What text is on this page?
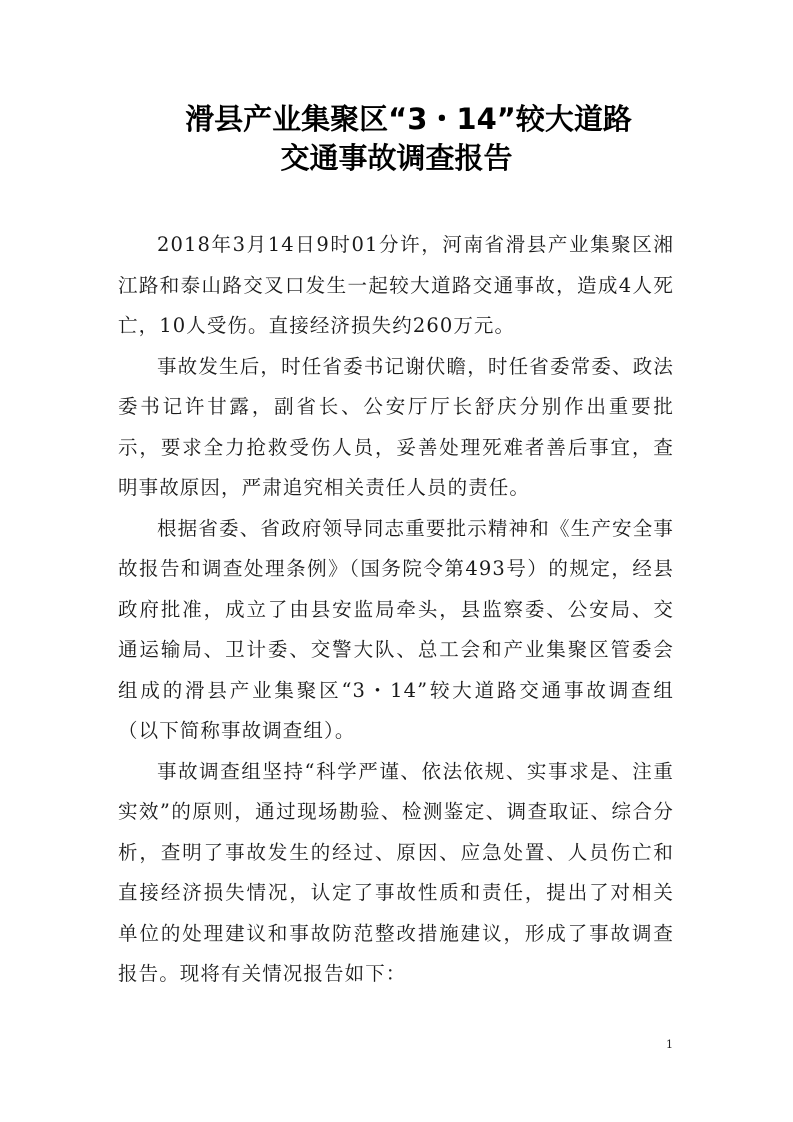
滑县产业集聚区“3・14”较大道路
交通事故调查报告

2018年3月14日9时01分许，河南省滑县产业集聚区湘江路和泰山路交叉口发生一起较大道路交通事故，造成4人死亡，10人受伤。直接经济损失约260万元。

事故发生后，时任省委书记谢伏瞻，时任省委常委、政法委书记许甘露，副省长、公安厅厅长舒庆分别作出重要批示，要求全力抢救受伤人员，妥善处理死难者善后事宜，查明事故原因，严肃追究相关责任人员的责任。

根据省委、省政府领导同志重要批示精神和《生产安全事故报告和调查处理条例》（国务院令第493号）的规定，经县政府批准，成立了由县安监局牵头，县监察委、公安局、交通运输局、卫计委、交警大队、总工会和产业集聚区管委会组成的滑县产业集聚区“3・14”较大道路交通事故调查组（以下简称事故调查组）。

事故调查组坚持“科学严谨、依法依规、实事求是、注重实效”的原则，通过现场勘验、检测鉴定、调查取证、综合分析，查明了事故发生的经过、原因、应急处置、人员伤亡和直接经济损失情况，认定了事故性质和责任，提出了对相关单位的处理建议和事故防范整改措施建议，形成了事故调查报告。现将有关情况报告如下：

1
